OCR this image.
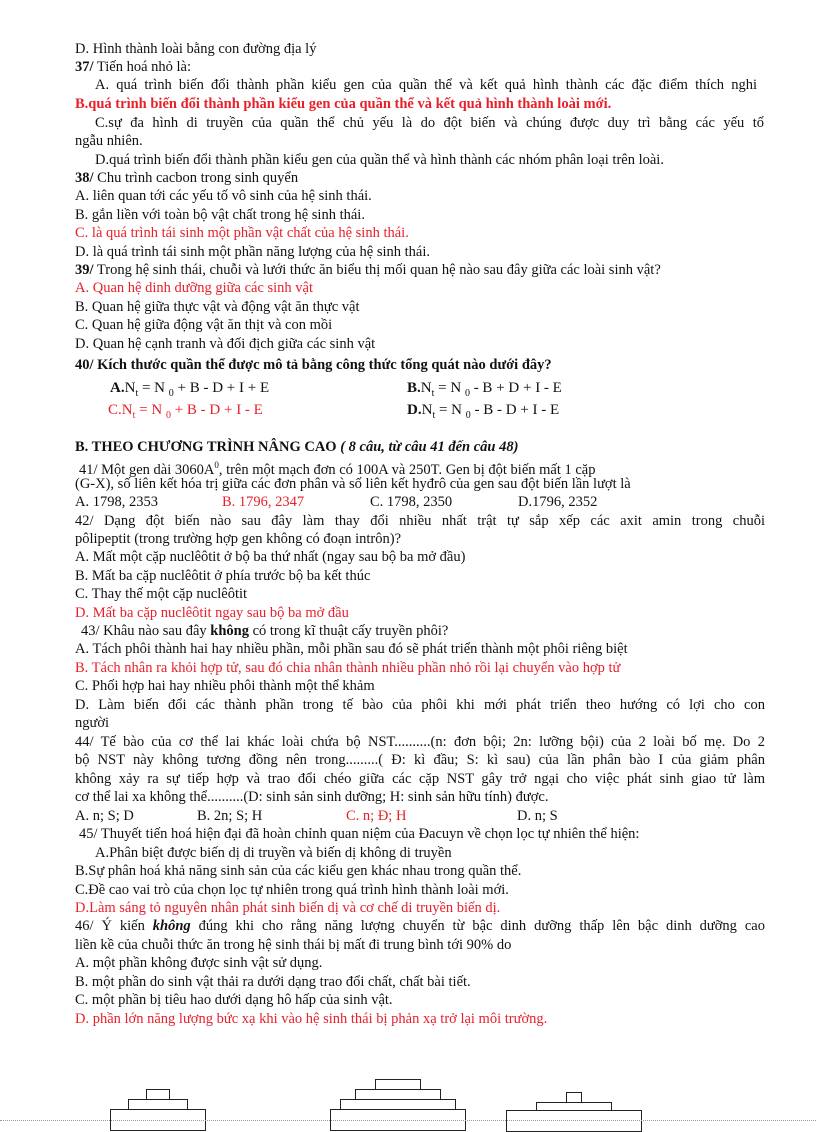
D. Hình thành loài bằng con đường địa lý
37/ Tiến hoá nhỏ là:
A. quá trình biến đổi thành phần kiểu gen của quần thể và kết quả hình thành các đặc điểm thích nghi
B.quá trình biến đổi thành phần kiểu gen của quần thể và kết quả hình thành loài mới.
C.sự đa hình di truyền của quần thể chủ yếu là do đột biến và chúng được duy trì bằng các yếu tố
ngẫu nhiên.
D.quá trình biến đổi thành phần kiểu gen của quần thể và hình thành các nhóm phân loại trên loài.
38/ Chu trình cacbon trong sinh quyển
A. liên quan tới các yếu tố vô sinh của hệ sinh thái.
B. gắn liền với toàn bộ vật chất trong hệ sinh thái.
C. là quá trình tái sinh một phần vật chất của hệ sinh thái.
D. là quá trình tái sinh một phần năng lượng của hệ sinh thái.
39/ Trong hệ sinh thái, chuỗi và lưới thức ăn biểu thị mối quan hệ nào sau đây giữa các loài sinh vật?
A. Quan hệ dinh dưỡng giữa các sinh vật
B. Quan hệ giữa thực vật và động vật ăn thực vật
C. Quan hệ giữa động vật ăn thịt và con mồi
D. Quan hệ cạnh tranh và đối địch giữa các sinh vật
40/ Kích thước quần thể được mô tả bằng công thức tổng quát nào dưới đây?
$A.N_t = N$ $_0$ + B - D + I + E	$B.N_t = N$ $_0$ - B + D + I - E
$C.N_t = N$ $_0$ + B - D + I - E	$D.N_t = N$ $_0$ - B - D + I - E
B. THEO CHƯƠNG TRÌNH NÂNG CAO ( 8 câu, từ câu 41 đến câu 48)
41/ Một gen dài $3060A^0$, trên một mạch đơn có 100A và 250T. Gen bị đột biến mất 1 cặp
(G-X), số liên kết hóa trị giữa các đơn phân và số liên kết hyđrô của gen sau đột biến lần lượt là
A. 1798, 2353	B. 1796, 2347	C. 1798, 2350	D.1796, 2352
42/ Dạng đột biến nào sau đây làm thay đổi nhiều nhất trật tự sắp xếp các axit amin trong chuỗi
pôlipeptit (trong trường hợp gen không có đoạn intrôn)?
A. Mất một cặp nuclêôtit ở bộ ba thứ nhất (ngay sau bộ ba mở đầu)
B. Mất ba cặp nuclêôtit ở phía trước bộ ba kết thúc
C. Thay thế một cặp nuclêôtit
D. Mất ba cặp nuclêôtit ngay sau bộ ba mở đầu
43/ Khâu nào sau đây không có trong kĩ thuật cấy truyền phôi?
A. Tách phôi thành hai hay nhiều phần, mỗi phần sau đó sẽ phát triển thành một phôi riêng biệt
B. Tách nhân ra khỏi hợp tử, sau đó chia nhân thành nhiều phần nhỏ rồi lại chuyển vào hợp tử
C. Phối hợp hai hay nhiều phôi thành một thể khảm
D. Làm biến đổi các thành phần trong tế bào của phôi khi mới phát triển theo hướng có lợi cho con
người
44/ Tế bào của cơ thể lai khác loài chứa bộ NST..........(n: đơn bội; 2n: lưỡng bội) của 2 loài bố mẹ. Do 2
bộ NST này không tương đồng nên trong.........( Đ: kì đầu; S: kì sau) của lần phân bào I của giảm phân
không xảy ra sự tiếp hợp và trao đổi chéo giữa các cặp NST gây trở ngại cho việc phát sinh giao tử làm
cơ thể lai xa không thể..........(D: sinh sản sinh dưỡng; H: sinh sản hữu tính) được.
A. n; S; D	B. 2n; S; H	C. n; Đ; H	D. n; S
45/ Thuyết tiến hoá hiện đại đã hoàn chỉnh quan niệm của Đacuyn về chọn lọc tự nhiên thể hiện:
A.Phân biệt được biến dị di truyền và biến dị không di truyền
B.Sự phân hoá khả năng sinh sản của các kiểu gen khác nhau trong quần thể.
C.Đề cao vai trò của chọn lọc tự nhiên trong quá trình hình thành loài mới.
D.Làm sáng tỏ nguyên nhân phát sinh biến dị và cơ chế di truyền biến dị.
46/ Ý kiến không đúng khi cho rằng năng lượng chuyển từ bậc dinh dưỡng thấp lên bậc dinh dưỡng cao
liền kề của chuỗi thức ăn trong hệ sinh thái bị mất đi trung bình tới 90% do
A. một phần không được sinh vật sử dụng.
B. một phần do sinh vật thải ra dưới dạng trao đổi chất, chất bài tiết.
C. một phần bị tiêu hao dưới dạng hô hấp của sinh vật.
D. phần lớn năng lượng bức xạ khi vào hệ sinh thái bị phản xạ trở lại môi trường.
